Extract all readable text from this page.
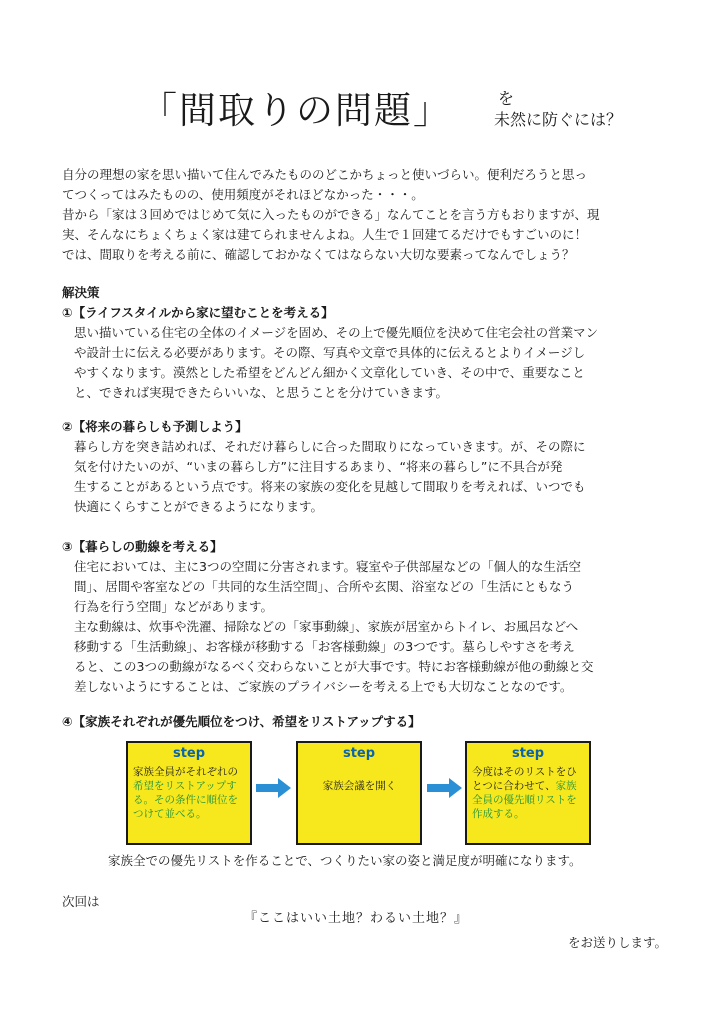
「間取りの問題」	を
未然に防ぐには？
自分の理想の家を思い描いて住んでみたもののどこかちょっと使いづらい。便利だろうと思っ
てつくってはみたものの、使用頻度がそれほどなかった・・・。
昔から「家は３回めではじめて気に入ったものができる」なんてことを言う方もおりますが、現
実、そんなにちょくちょく家は建てられませんよね。人生で１回建てるだけでもすごいのに！
では、間取りを考える前に、確認しておかなくてはならない大切な要素ってなんでしょう？
解決策
①【ライフスタイルから家に望むことを考える】
思い描いている住宅の全体のイメージを固め、その上で優先順位を決めて住宅会社の営業マン
や設計士に伝える必要があります。その際、写真や文章で具体的に伝えるとよりイメージし
やすくなります。漠然とした希望をどんどん細かく文章化していき、その中で、重要なこと
と、できれば実現できたらいいな、と思うことを分けていきます。
②【将来の暮らしも予測しよう】
暮らし方を突き詰めれば、それだけ暮らしに合った間取りになっていきます。が、その際に
気を付けたいのが、“いまの暮らし方”に注目するあまり、“将来の暮らし”に不具合が発
生することがあるという点です。将来の家族の変化を見越して間取りを考えれば、いつでも
快適にくらすことができるようになります。
③【暮らしの動線を考える】
住宅においては、主に3つの空間に分害されます。寝室や子供部屋などの「個人的な生活空
間」、居間や客室などの「共同的な生活空間」、合所や玄関、浴室などの「生活にともなう
行為を行う空間」などがあります。
主な動線は、炊事や洗濯、掃除などの「家事動線」、家族が居室からトイレ、お風呂などへ
移動する「生活動線」、お客様が移動する「お客様動線」の3つです。墓らしやすさを考え
ると、この3つの動線がなるべく交わらないことが大事です。特にお客様動線が他の動線と交
差しないようにすることは、ご家族のプライバシーを考える上でも大切なことなのです。
④【家族それぞれが優先順位をつけ、希望をリストアップする】
step
家族全員がそれぞれの希望をリストアップする。その条件に順位をつけて並べる。
step
家族会議を開く
step
今度はそのリストをひとつに合わせて、家族全員の優先順リストを作成する。
家族全での優先リストを作ることで、つくりたい家の姿と満足度が明確になります。
次回は
『ここはいい土地？わるい土地？』
をお送りします。
